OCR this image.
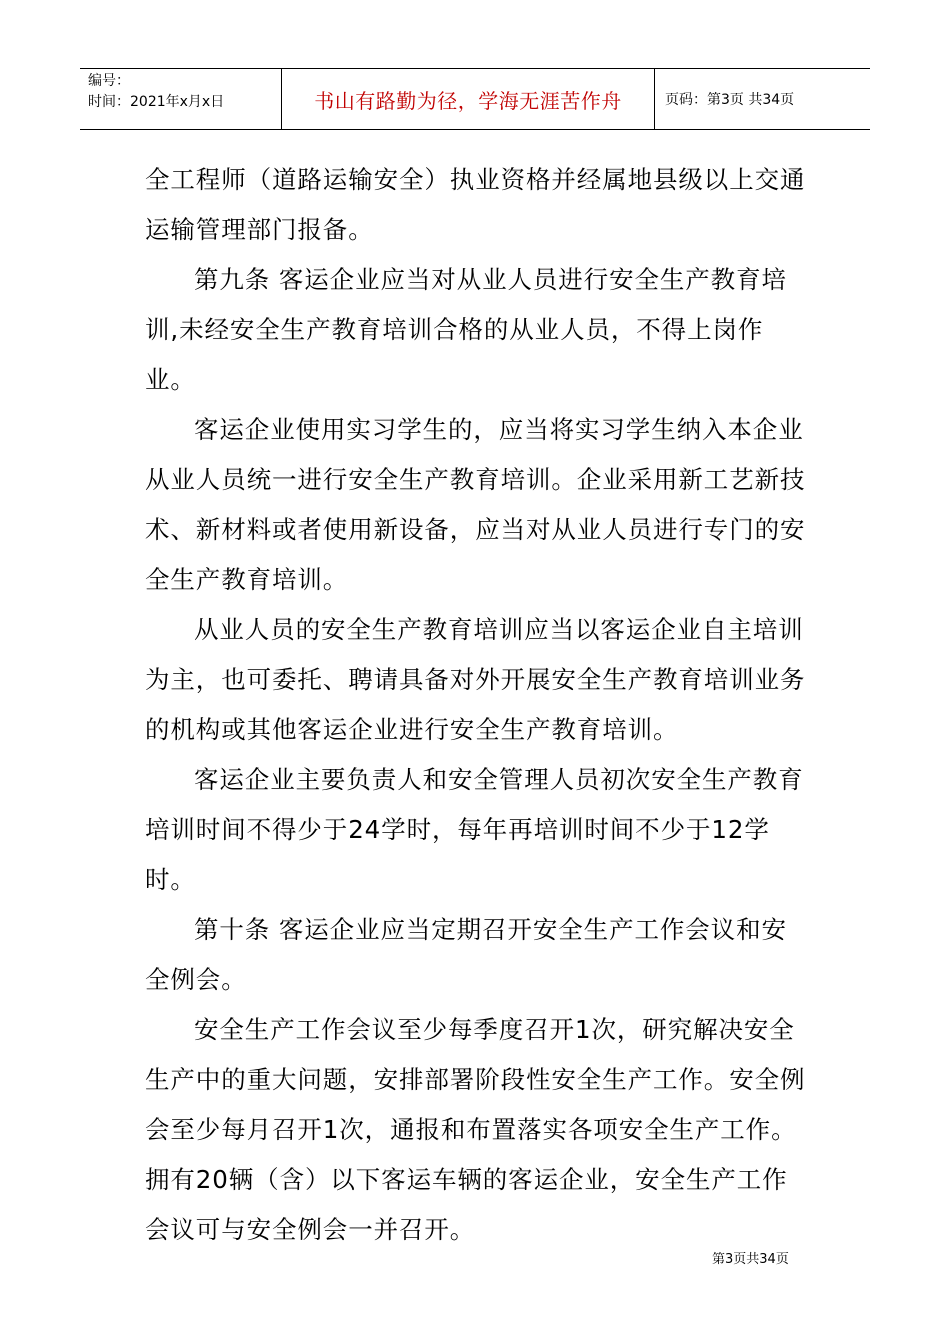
编号：
时间：2021年x月x日	书山有路勤为径，学海无涯苦作舟	页码：第3页 共34页

全工程师（道路运输安全）执业资格并经属地县级以上交通运输管理部门报备。

第九条 客运企业应当对从业人员进行安全生产教育培训,未经安全生产教育培训合格的从业人员，不得上岗作业。

客运企业使用实习学生的，应当将实习学生纳入本企业从业人员统一进行安全生产教育培训。企业采用新工艺新技术、新材料或者使用新设备，应当对从业人员进行专门的安全生产教育培训。

从业人员的安全生产教育培训应当以客运企业自主培训为主，也可委托、聘请具备对外开展安全生产教育培训业务的机构或其他客运企业进行安全生产教育培训。

客运企业主要负责人和安全管理人员初次安全生产教育培训时间不得少于24学时，每年再培训时间不少于12学时。

第十条 客运企业应当定期召开安全生产工作会议和安全例会。

安全生产工作会议至少每季度召开1次，研究解决安全生产中的重大问题，安排部署阶段性安全生产工作。安全例会至少每月召开1次，通报和布置落实各项安全生产工作。拥有20辆（含）以下客运车辆的客运企业，安全生产工作会议可与安全例会一并召开。

第3页共34页
